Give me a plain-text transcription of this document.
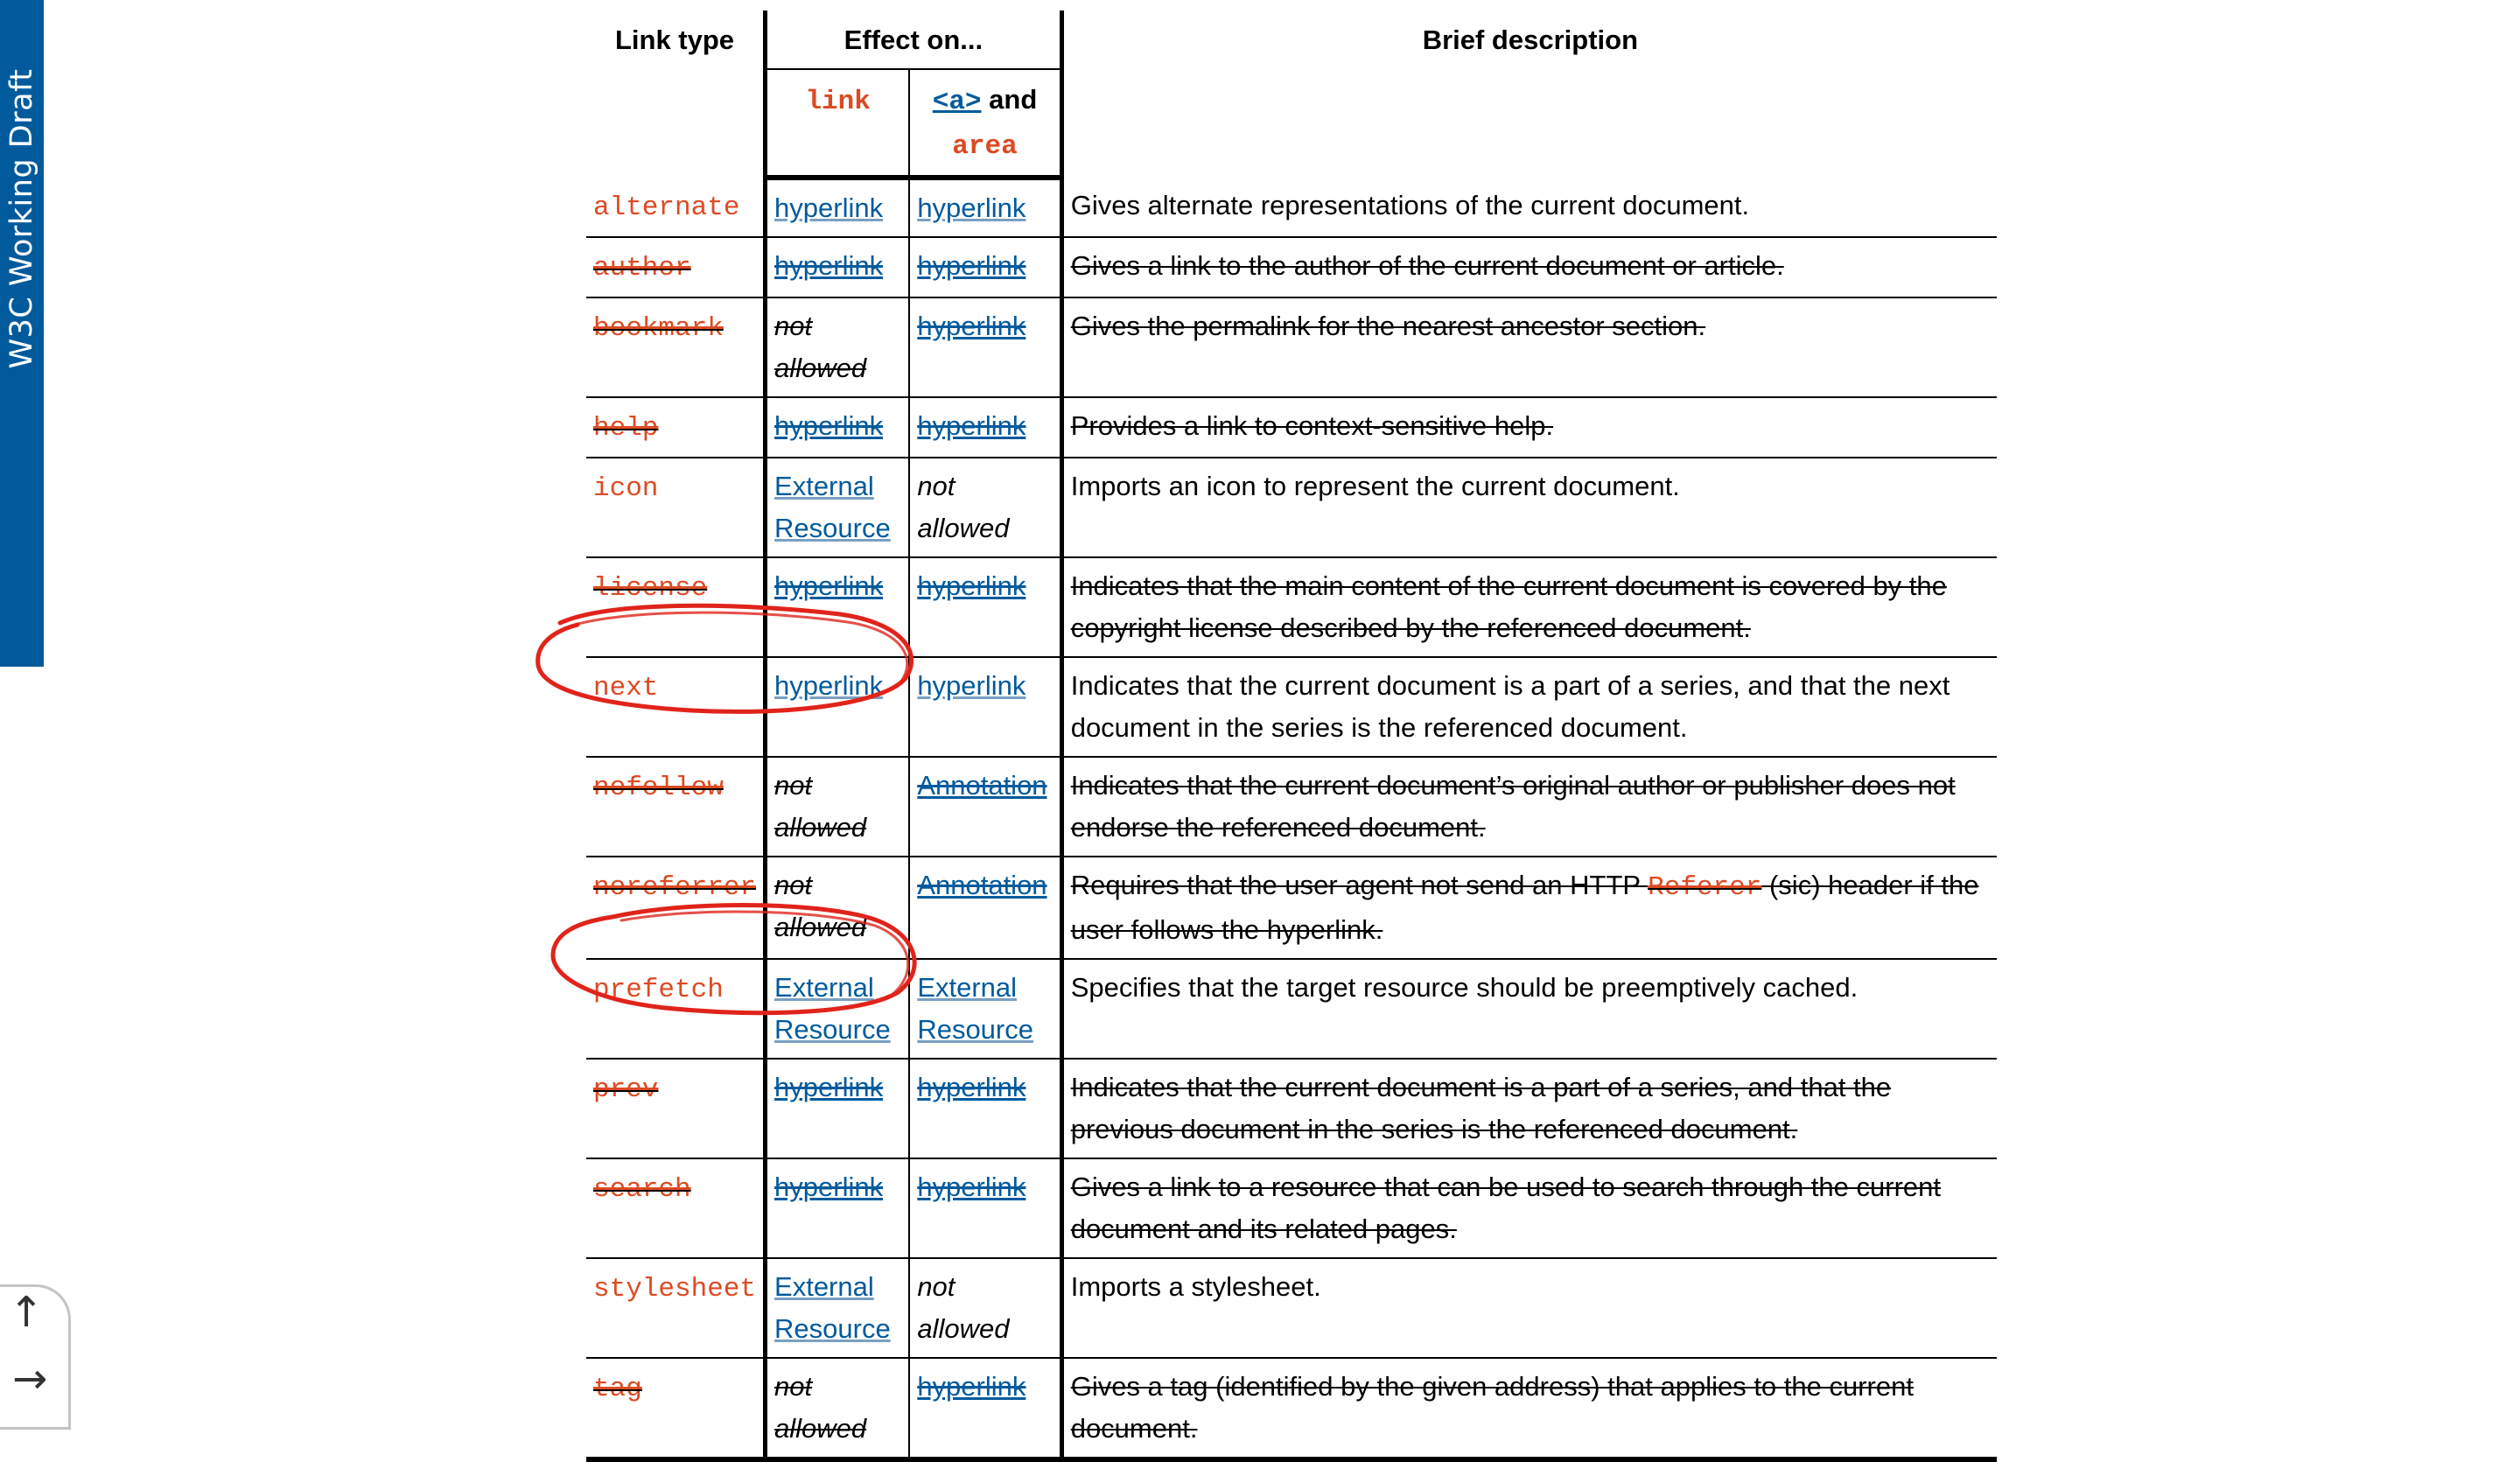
W3C Working Draft
↑
→
Link type	Effect on...		Brief description
	link	<a> and
area	
alternate	hyperlink	hyperlink	Gives alternate representations of the current document.
author	hyperlink	hyperlink	Gives a link to the author of the current document or article.
bookmark	not allowed	hyperlink	Gives the permalink for the nearest ancestor section.
help	hyperlink	hyperlink	Provides a link to context-sensitive help.
icon	External Resource	not allowed	Imports an icon to represent the current document.
license	hyperlink	hyperlink	Indicates that the main content of the current document is covered by the copyright license described by the referenced document.
next	hyperlink	hyperlink	Indicates that the current document is a part of a series, and that the next document in the series is the referenced document.
nofollow	not allowed	Annotation	Indicates that the current document’s original author or publisher does not endorse the referenced document.
noreferrer	not allowed	Annotation	Requires that the user agent not send an HTTP Referer (sic) header if the user follows the hyperlink.
prefetch	External Resource	External Resource	Specifies that the target resource should be preemptively cached.
prev	hyperlink	hyperlink	Indicates that the current document is a part of a series, and that the previous document in the series is the referenced document.
search	hyperlink	hyperlink	Gives a link to a resource that can be used to search through the current document and its related pages.
stylesheet	External Resource	not allowed	Imports a stylesheet.
tag	not allowed	hyperlink	Gives a tag (identified by the given address) that applies to the current document.
